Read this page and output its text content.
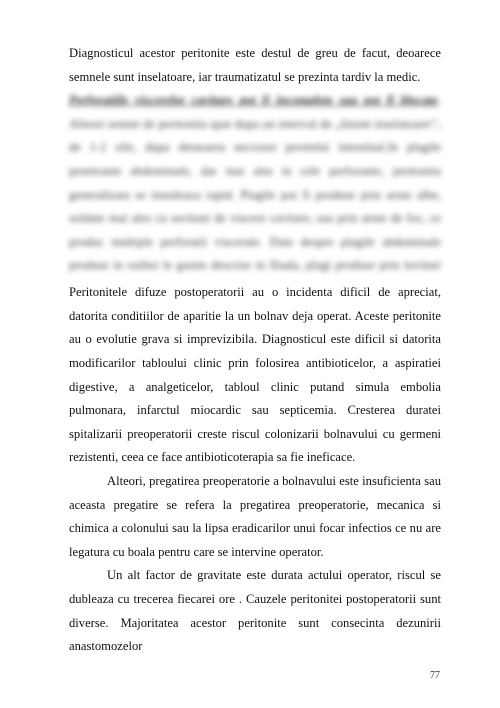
Diagnosticul acestor peritonite este destul de greu de facut, deoarece semnele sunt inselatoare, iar traumatizatul se prezinta tardiv la medic.

Perforatiile viscerelor cavitare pot fi incomplete sau pot fi blocate. Alteori semne de peritonita apar dupa un interval de „liniste inselatoare\", de 1-2 zile, dupa detasarea necrozei peretelui intestinal.In plagile penetrante abdominale, dar mai ales in cele perforante, peritonita generalizata se instaleaza rapid. Plagile pot fi produse prin arme albe, soldate mai ales cu sectiuni de viscere cavitare, sau prin arme de foc, ce produc multiple perforatii viscerale. Date despre plagile abdominale produse in razboi le gasim descrise in Iliada, plagi produse prin lovituri

Peritonitele difuze postoperatorii au o incidenta dificil de apreciat, datorita conditiilor de aparitie la un bolnav deja operat. Aceste peritonite au o evolutie grava si imprevizibila. Diagnosticul este dificil si datorita modificarilor tabloului clinic prin folosirea antibioticelor, a aspiratiei digestive, a analgeticelor, tabloul clinic putand simula embolia pulmonara, infarctul miocardic sau septicemia. Cresterea duratei spitalizarii preoperatorii creste riscul colonizarii bolnavului cu germeni rezistenti, ceea ce face antibioticoterapia sa fie ineficace.

Alteori, pregatirea preoperatorie a bolnavului este insuficienta sau aceasta pregatire se refera la pregatirea preoperatorie, mecanica si chimica a colonului sau la lipsa eradicarilor unui focar infectios ce nu are legatura cu boala pentru care se intervine operator.

Un alt factor de gravitate este durata actului operator, riscul se dubleaza cu trecerea fiecarei ore . Cauzele peritonitei postoperatorii sunt diverse. Majoritatea acestor peritonite sunt consecinta dezunirii anastomozelor

77
